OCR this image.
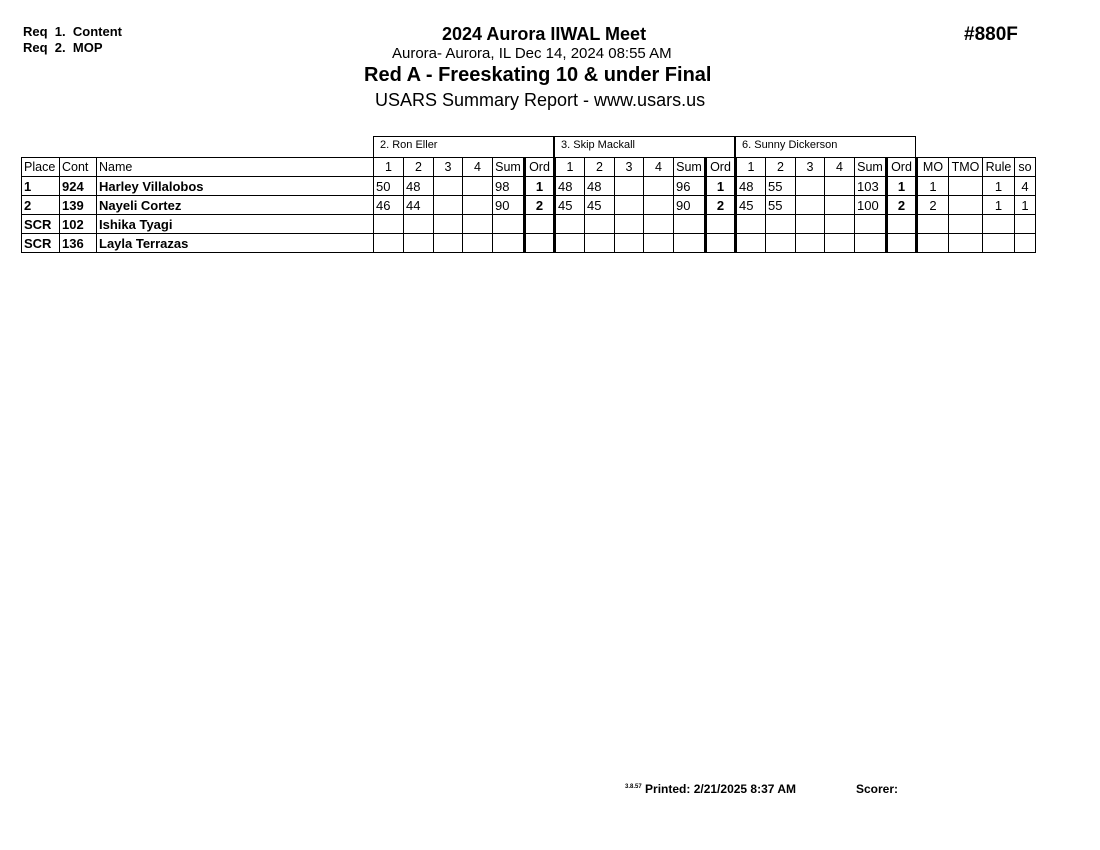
Req 1. Content
Req 2. MOP
2024 Aurora IIWAL Meet
Aurora- Aurora, IL Dec 14, 2024 08:55 AM
Red A - Freeskating 10 & under Final
USARS Summary Report - www.usars.us
#880F
2. Ron Eller	3. Skip Mackall	6. Sunny Dickerson
Place	Cont	Name	1	2	3	4	Sum	Ord	1	2	3	4	Sum	Ord	1	2	3	4	Sum	Ord	MO	TMO	Rule	so
1	924	Harley Villalobos	50	48			98	1	48	48			96	1	48	55			103	1	1		1	4
2	139	Nayeli Cortez	46	44			90	2	45	45			90	2	45	55			100	2	2		1	1
SCR	102	Ishika Tyagi																						
SCR	136	Layla Terrazas																						
$^{3.8.57}$ Printed: 2/21/2025 8:37 AM	Scorer:
